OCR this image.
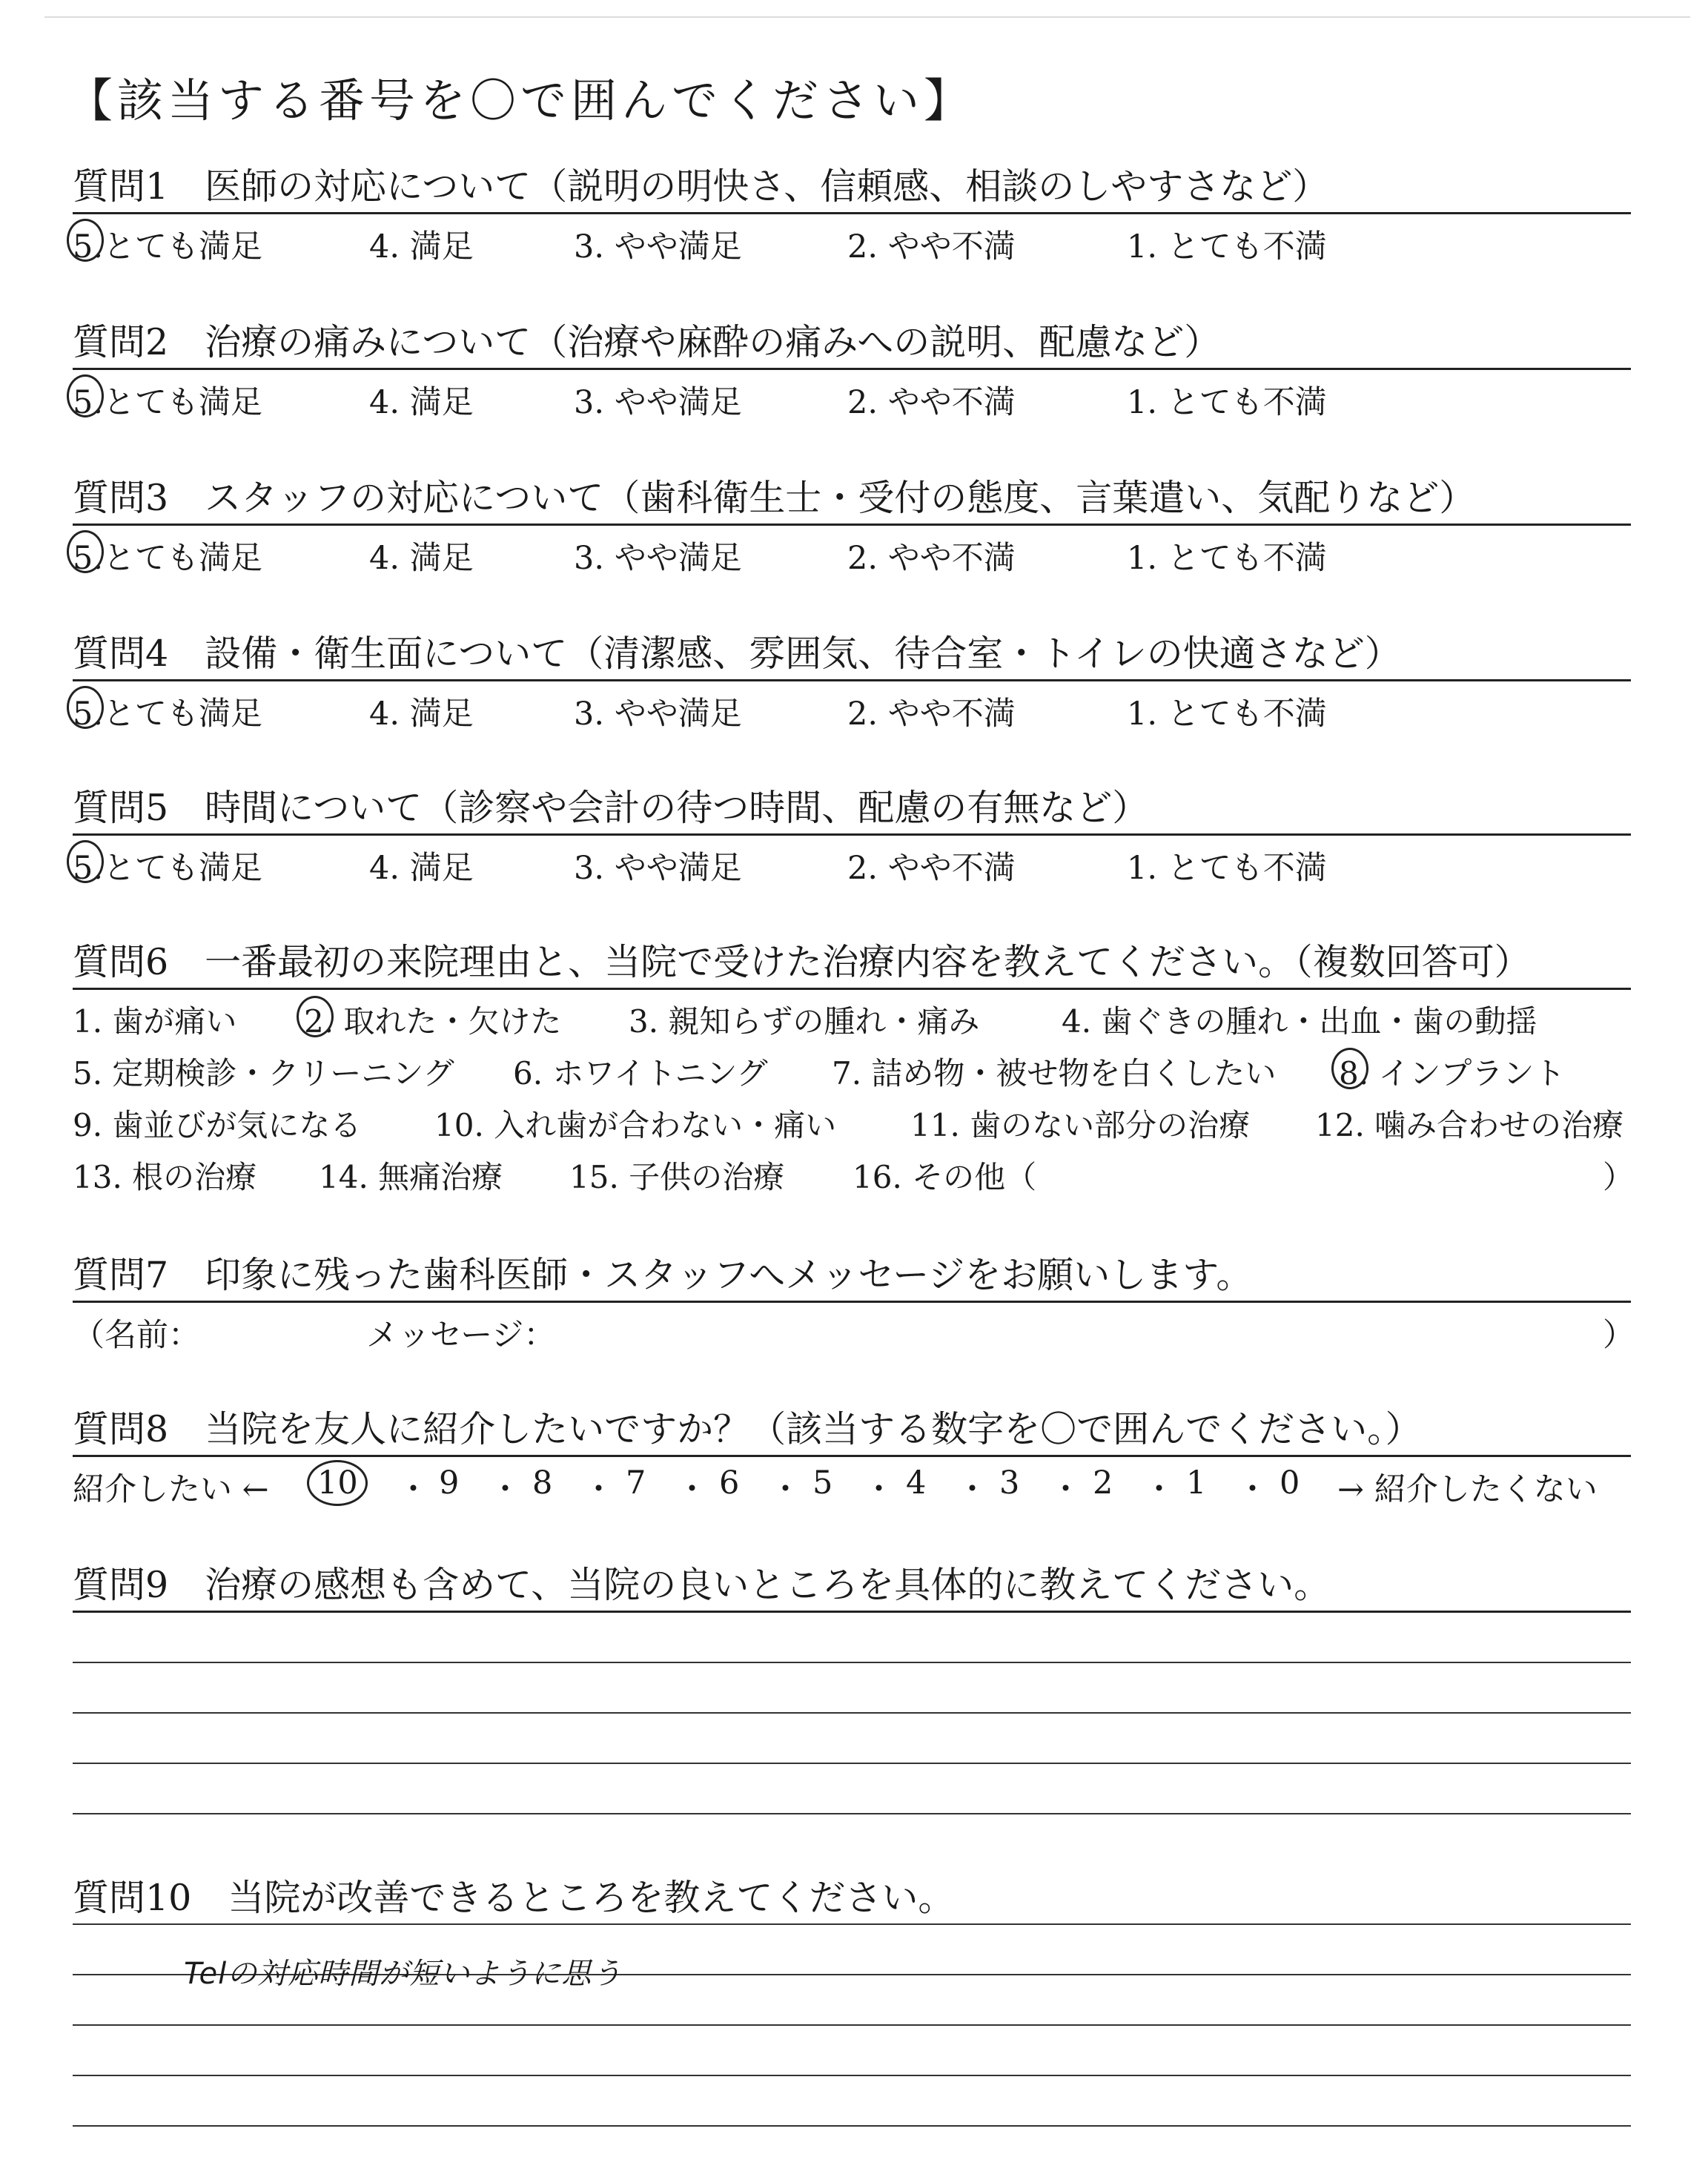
【該当する番号を〇で囲んでください】
質問1　医師の対応について（説明の明快さ、信頼感、相談のしやすさなど）
5.とても満足	4. 満足	3. やや満足	2. やや不満	1. とても不満
質問2　治療の痛みについて（治療や麻酔の痛みへの説明、配慮など）
5.とても満足	4. 満足	3. やや満足	2. やや不満	1. とても不満
質問3　スタッフの対応について（歯科衛生士・受付の態度、言葉遣い、気配りなど）
5.とても満足	4. 満足	3. やや満足	2. やや不満	1. とても不満
質問4　設備・衛生面について（清潔感、雰囲気、待合室・トイレの快適さなど）
5.とても満足	4. 満足	3. やや満足	2. やや不満	1. とても不満
質問5　時間について（診察や会計の待つ時間、配慮の有無など）
5.とても満足	4. 満足	3. やや満足	2. やや不満	1. とても不満
質問6　一番最初の来院理由と、当院で受けた治療内容を教えてください。（複数回答可）
1. 歯が痛い 2. 取れた・欠けた 3. 親知らずの腫れ・痛み	4. 歯ぐきの腫れ・出血・歯の動揺
5. 定期検診・クリーニング 6. ホワイトニング 7. 詰め物・被せ物を白くしたい 8. インプラント
9. 歯並びが気になる 10. 入れ歯が合わない・痛い 11. 歯のない部分の治療 12. 噛み合わせの治療
13. 根の治療 14. 無痛治療 15. 子供の治療 16. その他（	）
質問7　印象に残った歯科医師・スタッフへメッセージをお願いします。
（名前：	メッセージ：	）
質問8　当院を友人に紹介したいですか？（該当する数字を〇で囲んでください。）
紹介したい ← 10 ・ 9 ・ 8 ・ 7 ・ 6 ・ 5 ・ 4 ・ 3 ・ 2 ・ 1 ・ 0 → 紹介したくない
質問9　治療の感想も含めて、当院の良いところを具体的に教えてください。
質問10　当院が改善できるところを教えてください。
Telの対応時間が短いように思う
